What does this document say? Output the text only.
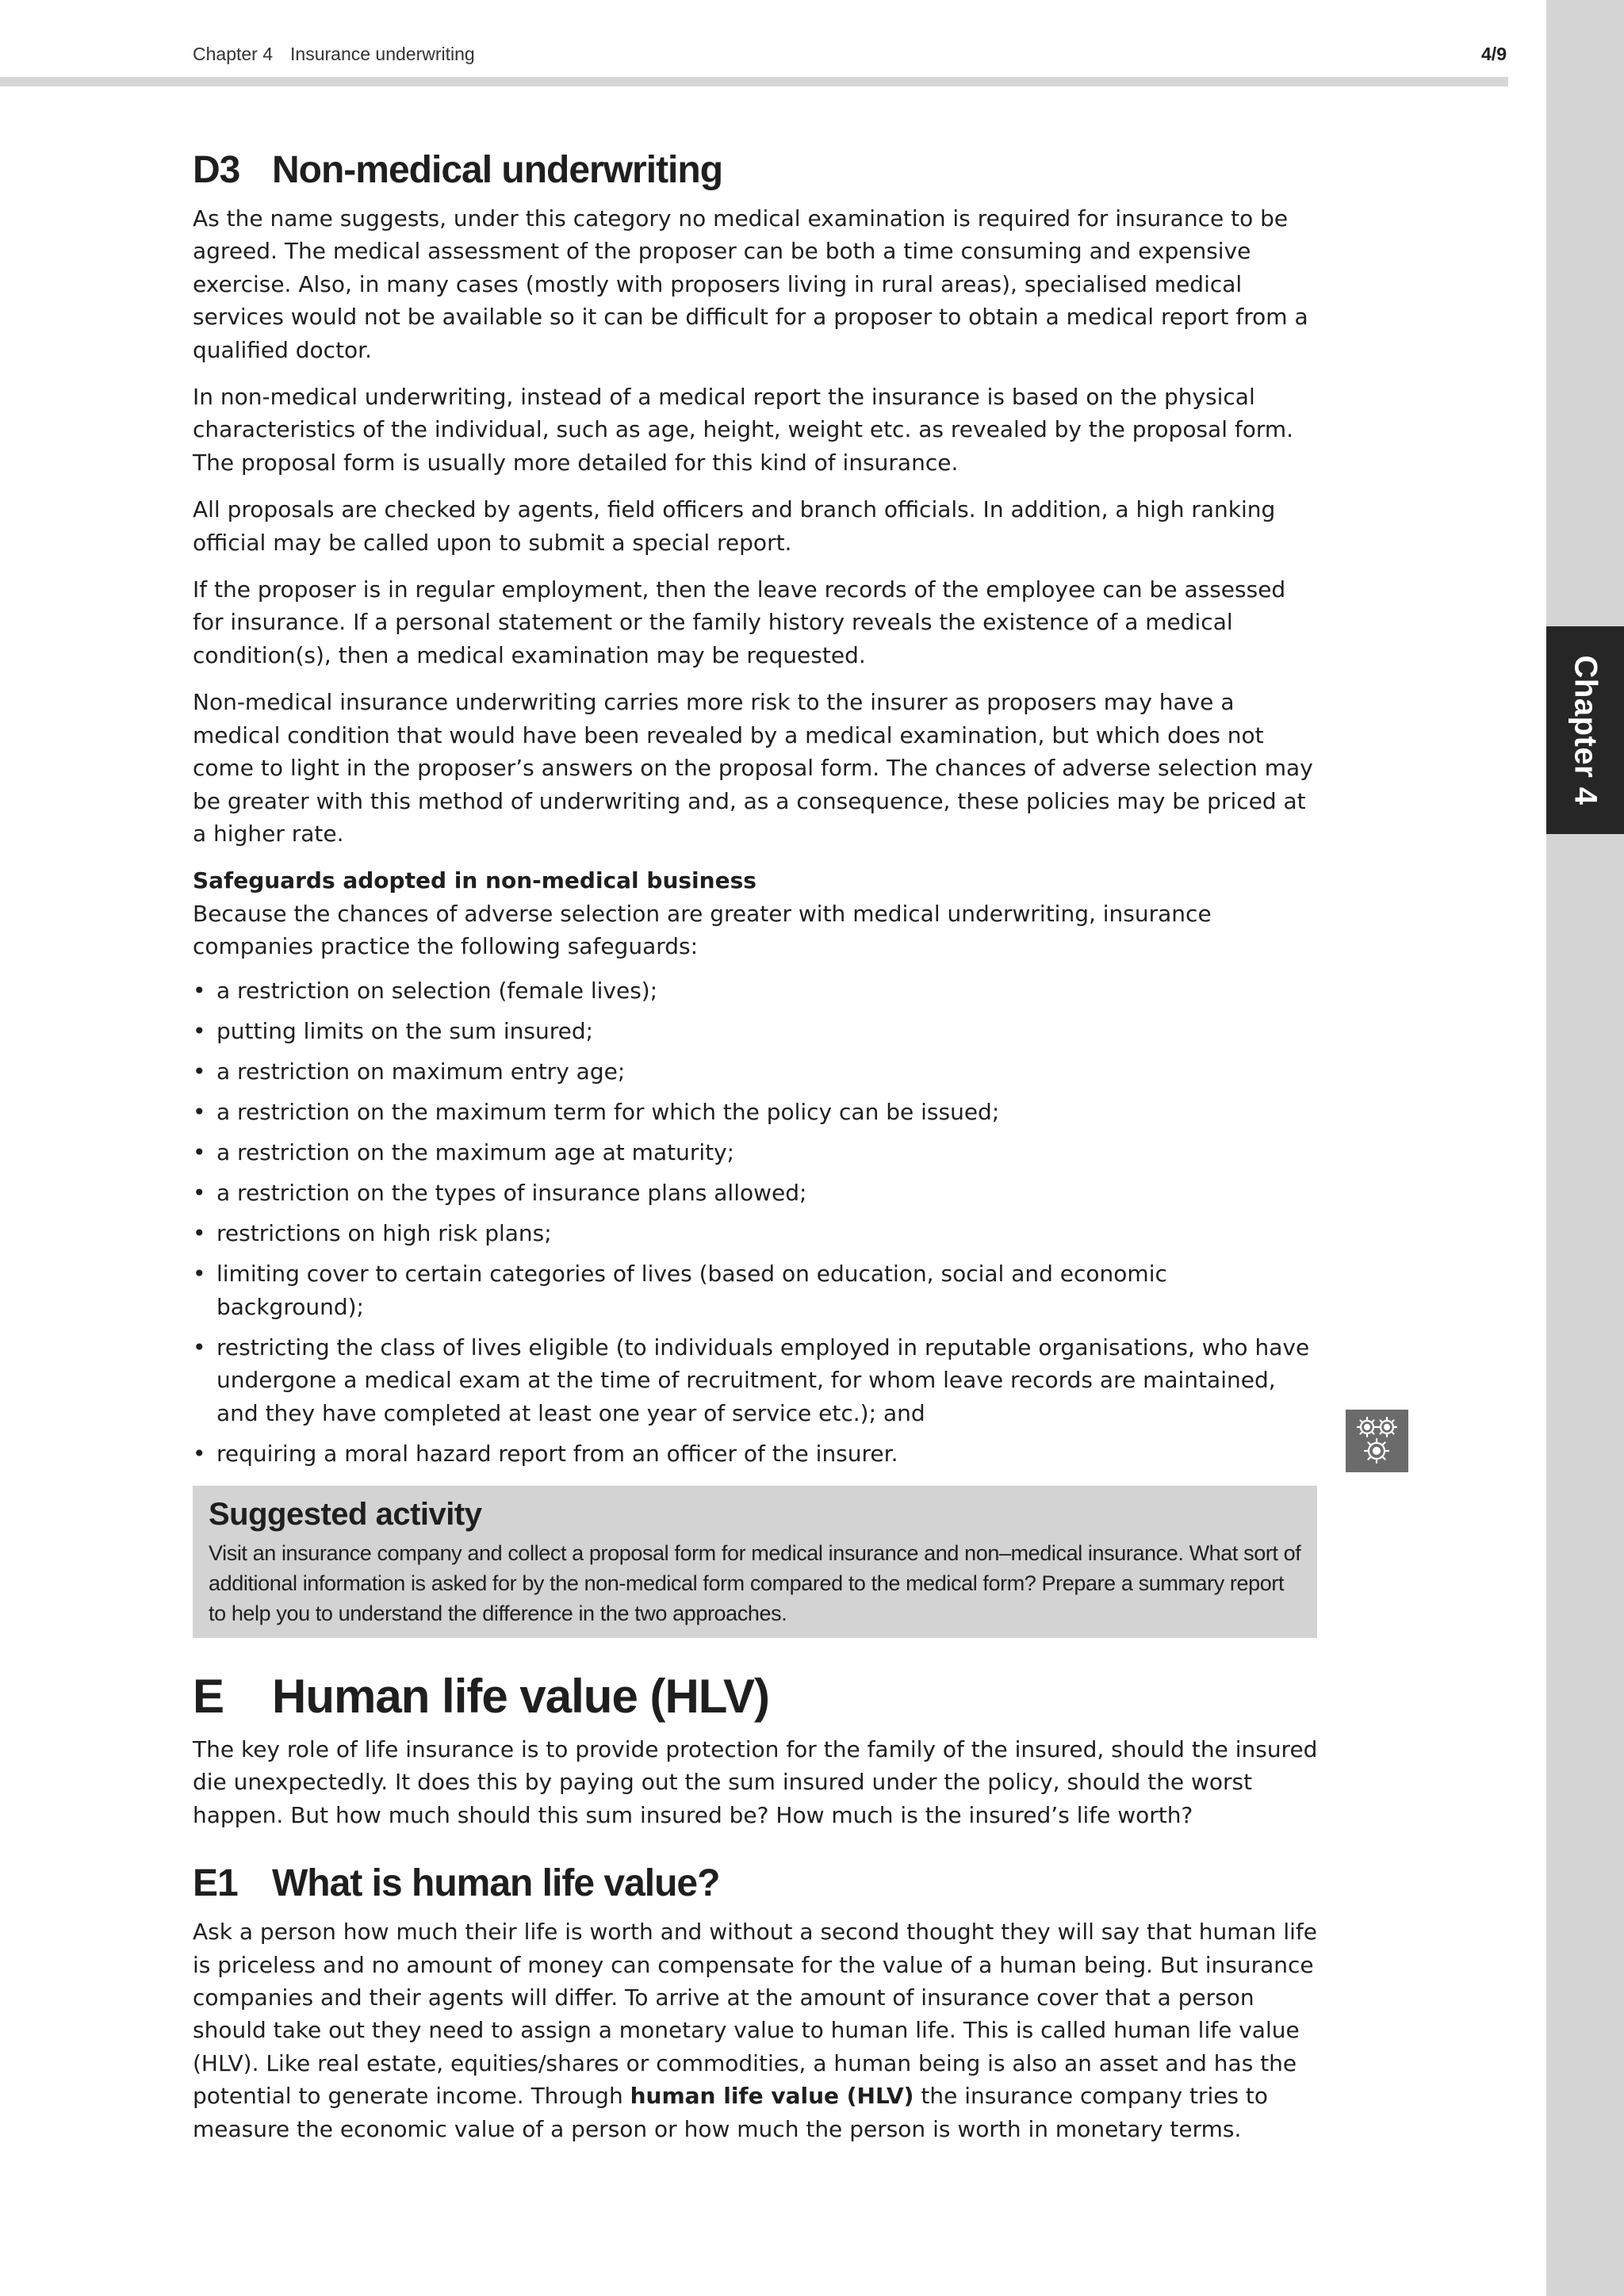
Chapter 4
Chapter 4 Insurance underwriting	4/9
D3 Non-medical underwriting

As the name suggests, under this category no medical examination is required for insurance to be agreed. The medical assessment of the proposer can be both a time consuming and expensive exercise. Also, in many cases (mostly with proposers living in rural areas), specialised medical services would not be available so it can be difficult for a proposer to obtain a medical report from a qualified doctor.

In non-medical underwriting, instead of a medical report the insurance is based on the physical characteristics of the individual, such as age, height, weight etc. as revealed by the proposal form. The proposal form is usually more detailed for this kind of insurance.

All proposals are checked by agents, field officers and branch officials. In addition, a high ranking official may be called upon to submit a special report.

If the proposer is in regular employment, then the leave records of the employee can be assessed for insurance. If a personal statement or the family history reveals the existence of a medical condition(s), then a medical examination may be requested.

Non-medical insurance underwriting carries more risk to the insurer as proposers may have a medical condition that would have been revealed by a medical examination, but which does not come to light in the proposer’s answers on the proposal form. The chances of adverse selection may be greater with this method of underwriting and, as a consequence, these policies may be priced at a higher rate.

Safeguards adopted in non-medical business

Because the chances of adverse selection are greater with medical underwriting, insurance companies practice the following safeguards:

• a restriction on selection (female lives);
• putting limits on the sum insured;
• a restriction on maximum entry age;
• a restriction on the maximum term for which the policy can be issued;
• a restriction on the maximum age at maturity;
• a restriction on the types of insurance plans allowed;
• restrictions on high risk plans;
• limiting cover to certain categories of lives (based on education, social and economic background);
• restricting the class of lives eligible (to individuals employed in reputable organisations, who have undergone a medical exam at the time of recruitment, for whom leave records are maintained, and they have completed at least one year of service etc.); and
• requiring a moral hazard report from an officer of the insurer.
Suggested activity
Visit an insurance company and collect a proposal form for medical insurance and non–medical insurance. What sort of additional information is asked for by the non-medical form compared to the medical form? Prepare a summary report to help you to understand the difference in the two approaches.
E Human life value (HLV)

The key role of life insurance is to provide protection for the family of the insured, should the insured die unexpectedly. It does this by paying out the sum insured under the policy, should the worst happen. But how much should this sum insured be? How much is the insured’s life worth?

E1 What is human life value?

Ask a person how much their life is worth and without a second thought they will say that human life is priceless and no amount of money can compensate for the value of a human being. But insurance companies and their agents will differ. To arrive at the amount of insurance cover that a person should take out they need to assign a monetary value to human life. This is called human life value (HLV). Like real estate, equities/shares or commodities, a human being is also an asset and has the potential to generate income. Through human life value (HLV) the insurance company tries to measure the economic value of a person or how much the person is worth in monetary terms.
